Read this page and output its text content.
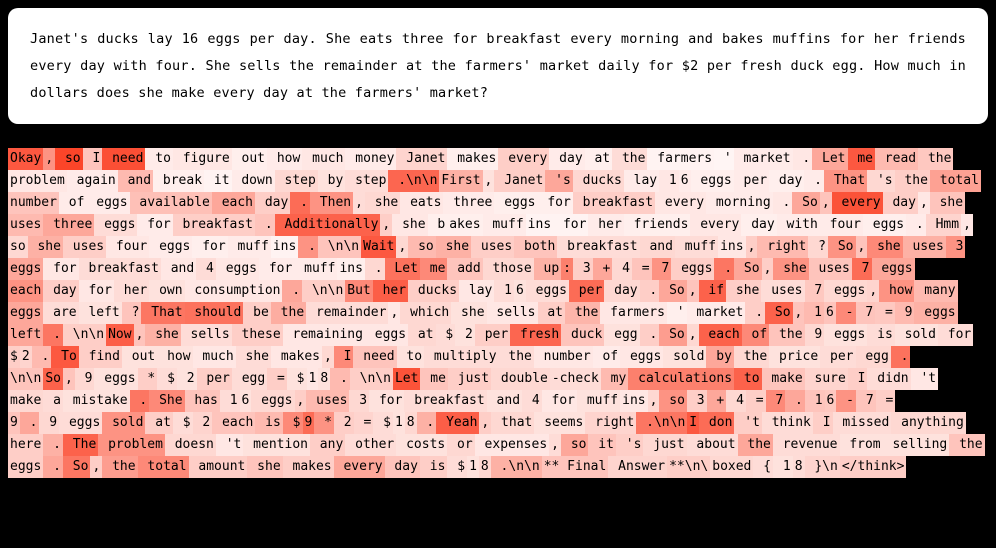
Janet's ducks lay 16 eggs per day. She eats three for breakfast every morning and bakes muffins for her friends every day with four. She sells the remainder at the farmers' market daily for $2 per fresh duck egg. How much in dollars does she make every day at the farmers' market?
Okay , so I need to figure out how much money Janet makes every day at the farmers ' market . Let me read the
problem again and break it down step by step .\n\n First , Janet 's ducks lay 1 6 eggs per day . That 's the total
number of eggs available each day . Then , she eats three eggs for breakfast every morning . So , every day , she
uses three eggs for breakfast . Additionally , she b akes muff ins for her friends every day with four eggs . Hmm ,
so she uses four eggs for muff ins . \n\n Wait , so she uses both breakfast and muff ins , right ? So , she uses 3
eggs for breakfast and 4 eggs for muff ins . Let me add those up : 3 + 4 = 7 eggs . So , she uses 7 eggs
each day for her own consumption . \n\n But her ducks lay 1 6 eggs per day . So , if she uses 7 eggs , how many
eggs are left ? That should be the remainder , which she sells at the farmers ' market . So , 1 6 - 7 = 9 eggs
left . \n\n Now , she sells these remaining eggs at $ 2 per fresh duck egg . So , each of the 9 eggs is sold for
$ 2 . To find out how much she makes , I need to multiply the number of eggs sold by the price per egg .
\n\n So , 9 eggs * $ 2 per egg = $ 1 8 . \n\n Let me just double -check my calculations to make sure I didn 't
make a mistake . She has 1 6 eggs , uses 3 for breakfast and 4 for muff ins , so 3 + 4 = 7 . 1 6 - 7 =
9 . 9 eggs sold at $ 2 each is $ 9 * 2 = $ 1 8 . Yeah , that seems right .\n\n I don 't think I missed anything
here . The problem doesn 't mention any other costs or expenses , so it 's just about the revenue from selling the
eggs . So , the total amount she makes every day is $ 1 8 .\n\n ** Final Answer **\n\ boxed { 1 8 }\n </think>
